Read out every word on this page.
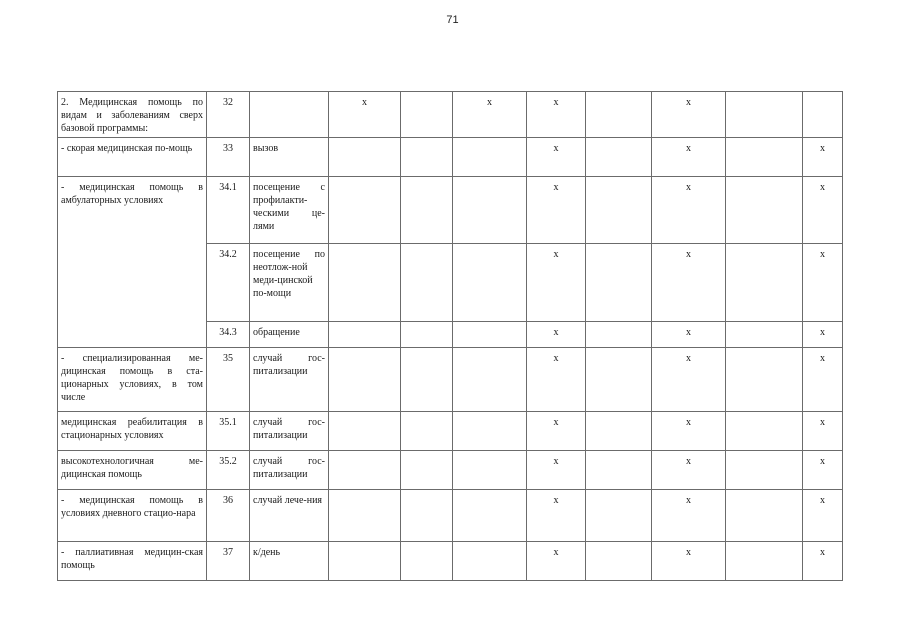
71
2. Медицинская помощь по видам и заболеваниям сверх базовой программы:	32		х		х	х		х		
- скорая медицинская по-мощь	33	вызов				х		х		х
- медицинская помощь в амбулаторных условиях	34.1	посещение с профилакти-ческими це-лями				х		х		х
	34.2	посещение по неотлож-ной меди-цинской по-мощи				х		х		х
	34.3	обращение				х		х		х
- специализированная ме-дицинская помощь в ста-ционарных условиях, в том числе	35	случай гос-питализации				х		х		х
медицинская реабилитация в стационарных условиях	35.1	случай гос-питализации				х		х		х
высокотехнологичная ме-дицинская помощь	35.2	случай гос-питализации				х		х		х
- медицинская помощь в условиях дневного стацио-нара	36	случай лече-ния				х		х		х
- паллиативная медицин-ская помощь	37	к/день				х		х		х
